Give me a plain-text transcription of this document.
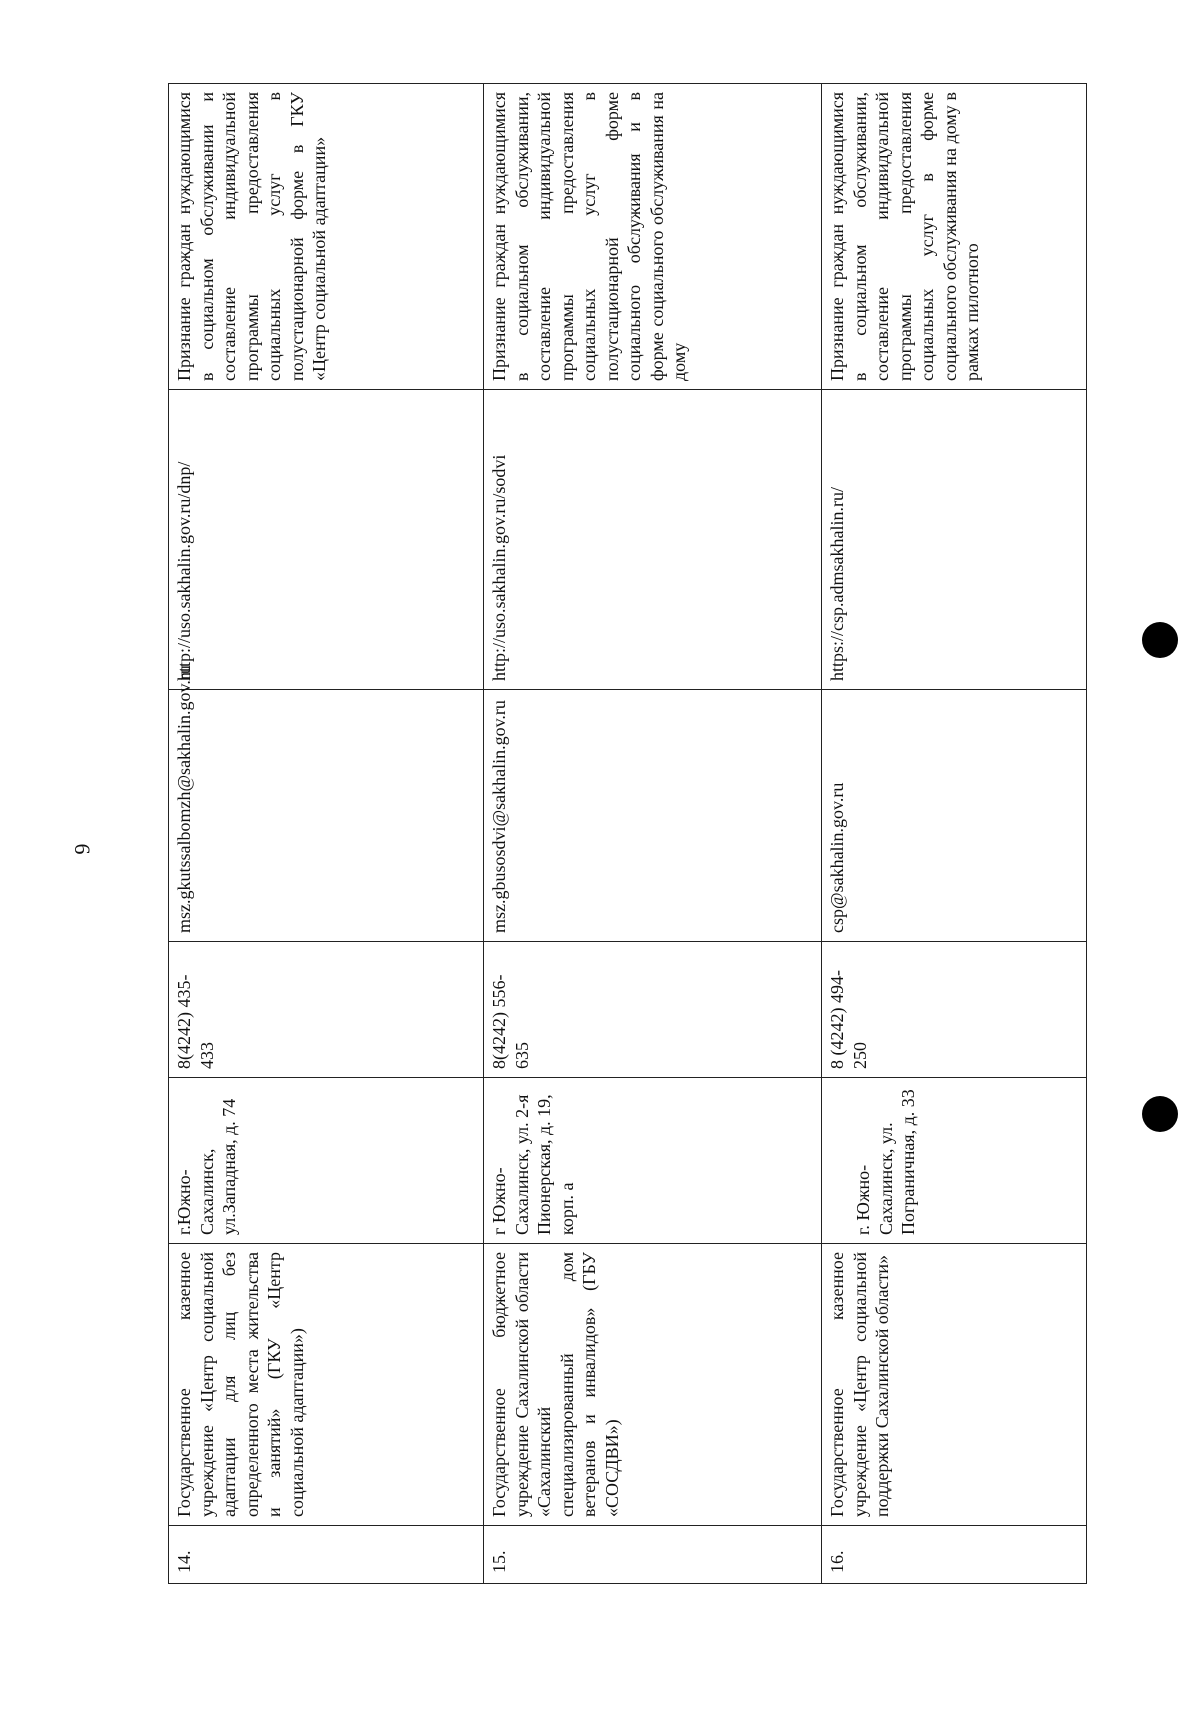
6
14.	Государственное казенное учреждение «Центр социальной адаптации для лиц без определенного места жительства и занятий» (ГКУ «Центр социальной адаптации»)	г.Южно-Сахалинск, ул.Западная, д. 74	8(4242) 435-433	msz.gkutssalbomzh@sakhalin.gov.ru	http://uso.sakhalin.gov.ru/dnp/	Признание граждан нуждающимися в социальном обслуживании и составление индивидуальной программы предоставления социальных услуг в полустационарной форме в ГКУ «Центр социальной адаптации»
15.	Государственное бюджетное учреждение Сахалинской области «Сахалинский специализированный дом ветеранов и инвалидов» (ГБУ «СОСДВИ»)	г Южно-Сахалинск, ул. 2-я Пионерская, д. 19, корп. а	8(4242) 556-635	msz.gbusosdvi@sakhalin.gov.ru	http://uso.sakhalin.gov.ru/sodvi	Признание граждан нуждающимися в социальном обслуживании, составление индивидуальной программы предоставления социальных услуг в полустационарной форме социального обслуживания и в форме социального обслуживания на дому
16.	Государственное казенное учреждение «Центр социальной поддержки Сахалинской области»	г. Южно-Сахалинск, ул. Пограничная, д. 33	8 (4242) 494-250	csp@sakhalin.gov.ru	https://csp.admsakhalin.ru/	Признание граждан нуждающимися в социальном обслуживании, составление индивидуальной программы предоставления социальных услуг в форме социального обслуживания на дому в рамках пилотного
